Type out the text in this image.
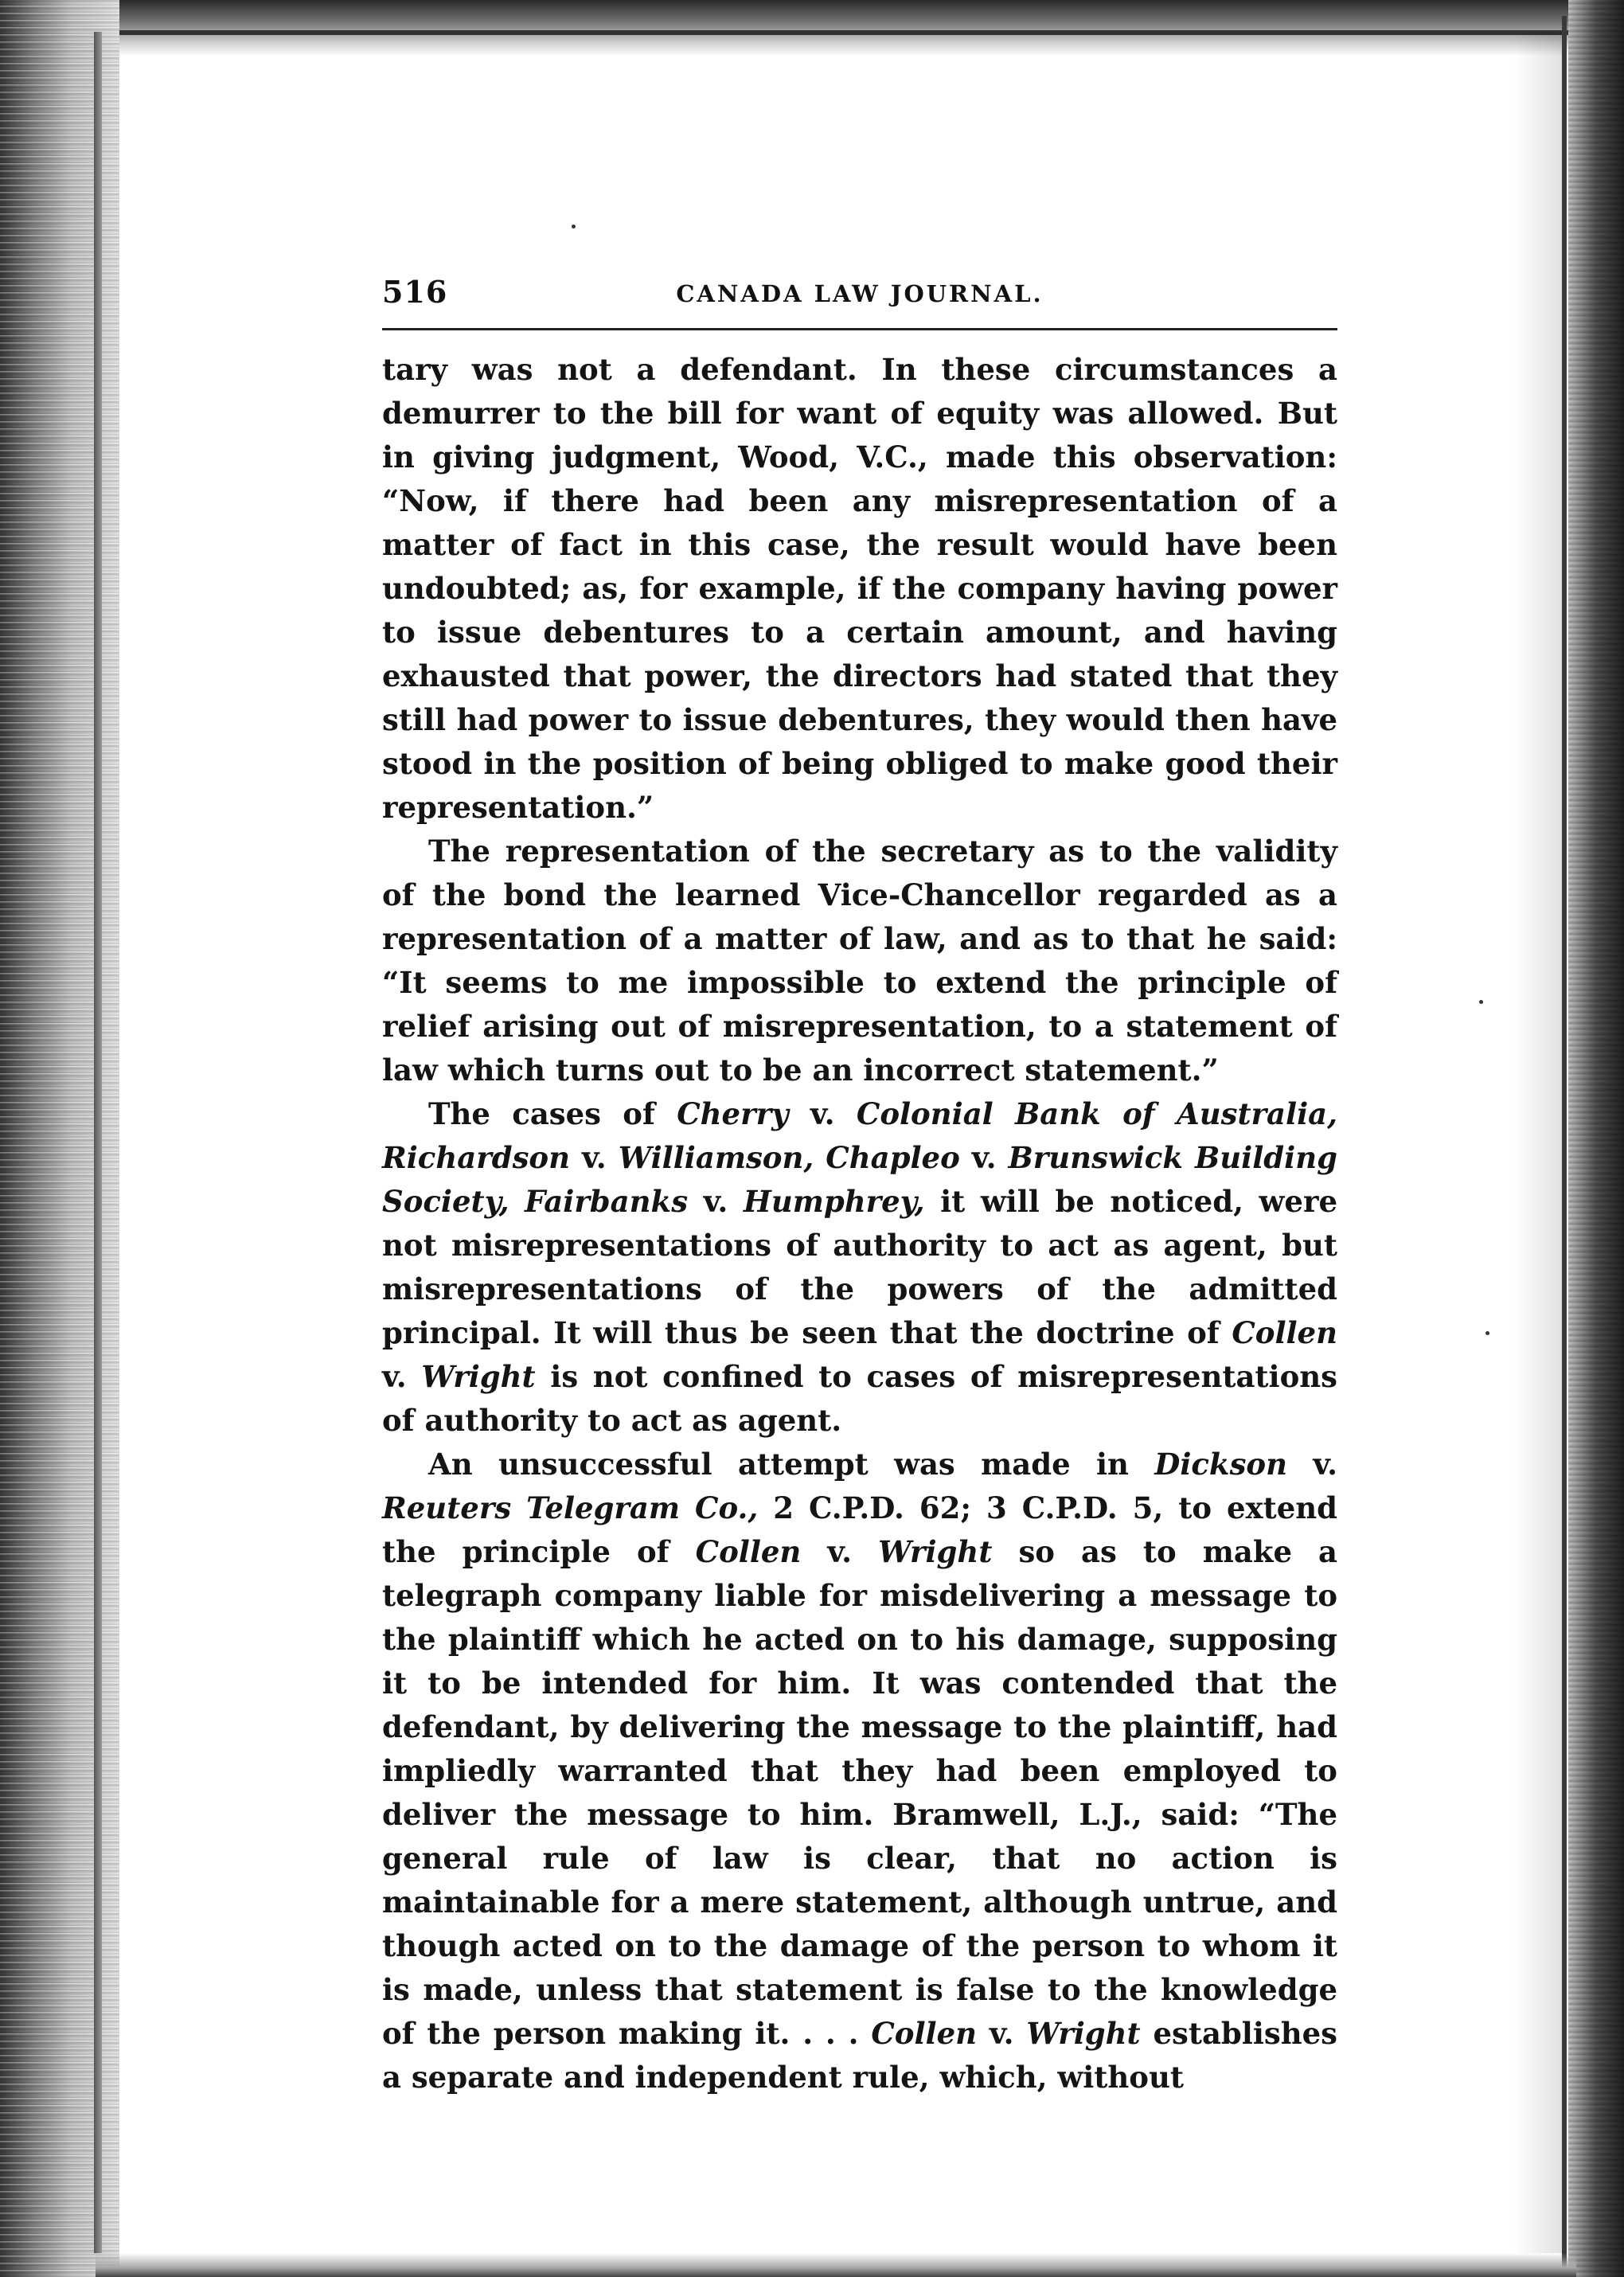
516	CANADA LAW JOURNAL.

tary was not a defendant. In these circumstances a demurrer to the bill for want of equity was allowed. But in giving judgment, Wood, V.C., made this observation: “Now, if there had been any misrepresentation of a matter of fact in this case, the result would have been undoubted; as, for example, if the company having power to issue debentures to a certain amount, and having exhausted that power, the directors had stated that they still had power to issue debentures, they would then have stood in the position of being obliged to make good their representation.”

The representation of the secretary as to the validity of the bond the learned Vice-Chancellor regarded as a representation of a matter of law, and as to that he said: “It seems to me impossible to extend the principle of relief arising out of misrepresentation, to a statement of law which turns out to be an incorrect statement.”

The cases of Cherry v. Colonial Bank of Australia, Richardson v. Williamson, Chapleo v. Brunswick Building Society, Fairbanks v. Humphrey, it will be noticed, were not misrepresentations of authority to act as agent, but misrepresentations of the powers of the admitted principal. It will thus be seen that the doctrine of Collen v. Wright is not confined to cases of misrepresentations of authority to act as agent.

An unsuccessful attempt was made in Dickson v. Reuters Telegram Co., 2 C.P.D. 62; 3 C.P.D. 5, to extend the principle of Collen v. Wright so as to make a telegraph company liable for misdelivering a message to the plaintiff which he acted on to his damage, supposing it to be intended for him. It was contended that the defendant, by delivering the message to the plaintiff, had impliedly warranted that they had been employed to deliver the message to him. Bramwell, L.J., said: “The general rule of law is clear, that no action is maintainable for a mere statement, although untrue, and though acted on to the damage of the person to whom it is made, unless that statement is false to the knowledge of the person making it. . . . Collen v. Wright establishes a separate and independent rule, which, without
